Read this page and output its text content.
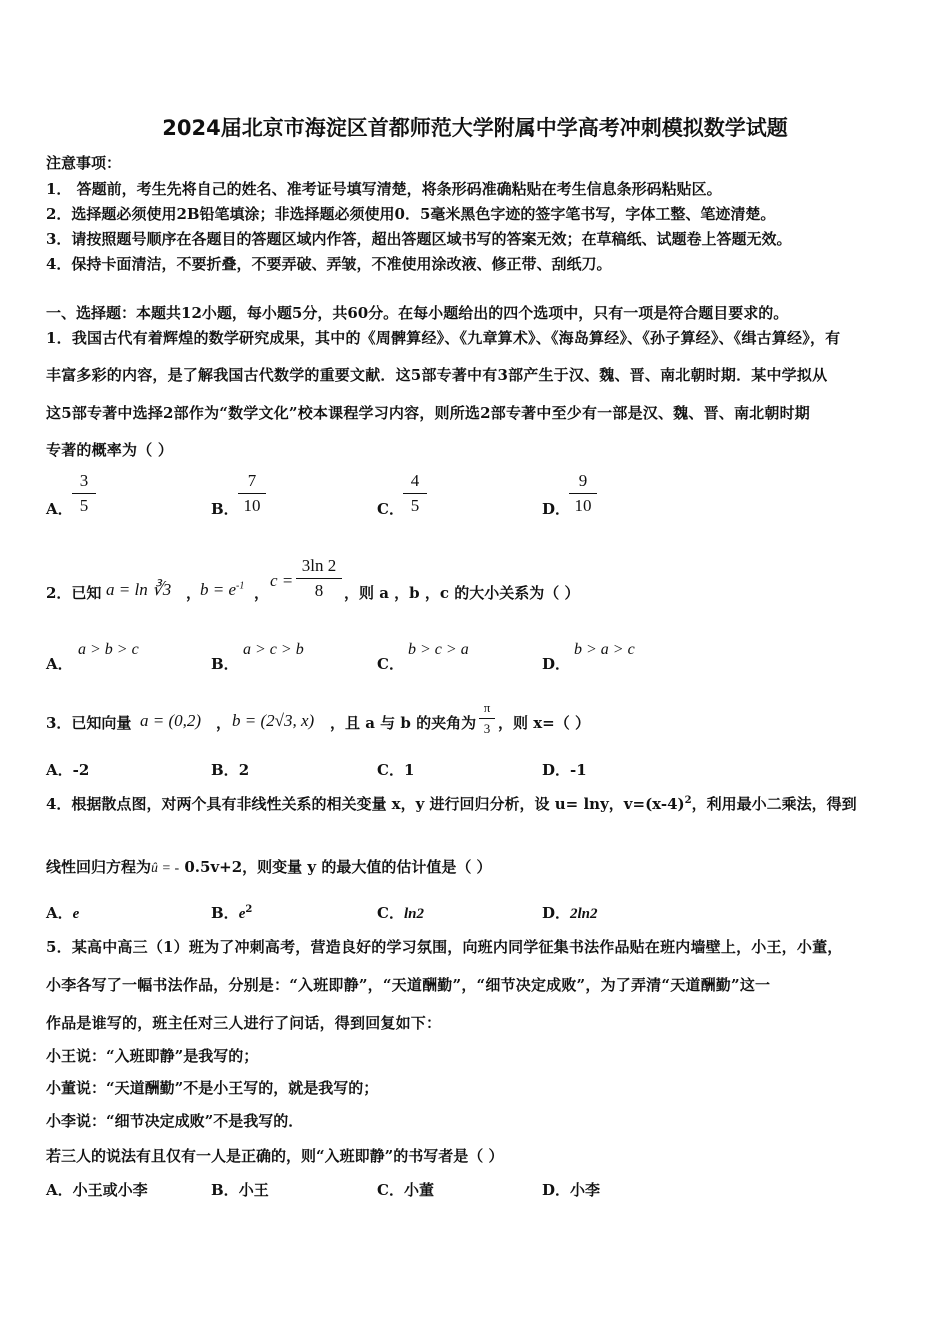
2024届北京市海淀区首都师范大学附属中学高考冲刺模拟数学试题
注意事项：
1． 答题前，考生先将自己的姓名、准考证号填写清楚，将条形码准确粘贴在考生信息条形码粘贴区。
2．选择题必须使用2B铅笔填涂；非选择题必须使用0．5毫米黑色字迹的签字笔书写，字体工整、笔迹清楚。
3．请按照题号顺序在各题目的答题区域内作答，超出答题区域书写的答案无效；在草稿纸、试题卷上答题无效。
4．保持卡面清洁，不要折叠，不要弄破、弄皱，不准使用涂改液、修正带、刮纸刀。
一、选择题：本题共12小题，每小题5分，共60分。在每小题给出的四个选项中，只有一项是符合题目要求的。
1．我国古代有着辉煌的数学研究成果，其中的《周髀算经》、《九章算术》、《海岛算经》、《孙子算经》、《缉古算经》，有
丰富多彩的内容，是了解我国古代数学的重要文献．这5部专著中有3部产生于汉、魏、晋、南北朝时期．某中学拟从
这5部专著中选择2部作为“数学文化”校本课程学习内容，则所选2部专著中至少有一部是汉、魏、晋、南北朝时期
专著的概率为（ ）
A． $\frac{3}{5}$	B． $\frac{7}{10}$	C． $\frac{4}{5}$	D．
$\frac{9}{10}$
2．已知 a = ln ∛3 ，
$b = e^{-1}$ ，
$c = \frac{3\ln 2}{8}$ ，则 a ，b ，c 的大小关系为（ ）
A．
a > b > c
B．
a > c > b
C．
b > c > a
D．
b > a > c
3．已知向量 a = (0,2) ， b = (2√3, x) ，且 a 与 b 的夹角为 $\frac{\pi}{3}$ ，则 x=（ ）
A．-2	B．2	C．1	D．-1
4．根据散点图，对两个具有非线性关系的相关变量 x，y 进行回归分析，设 u= lny，$v=(x-4)^2$，利用最小二乘法，得到
线性回归方程为û = - 0.5v+2，则变量 y 的最大值的估计值是（ ）
A．e	B．$e^2$	C．ln2	D．2ln2
5．某高中高三（1）班为了冲刺高考，营造良好的学习氛围，向班内同学征集书法作品贴在班内墙壁上，小王，小董，
小李各写了一幅书法作品，分别是：“入班即静”，“天道酬勤”，“细节决定成败”，为了弄清“天道酬勤”这一
作品是谁写的，班主任对三人进行了问话，得到回复如下：
小王说：“入班即静”是我写的；
小董说：“天道酬勤”不是小王写的，就是我写的；
小李说：“细节决定成败”不是我写的．
若三人的说法有且仅有一人是正确的，则“入班即静”的书写者是（ ）
A．小王或小李	B．小王	C．小董	D．小李
